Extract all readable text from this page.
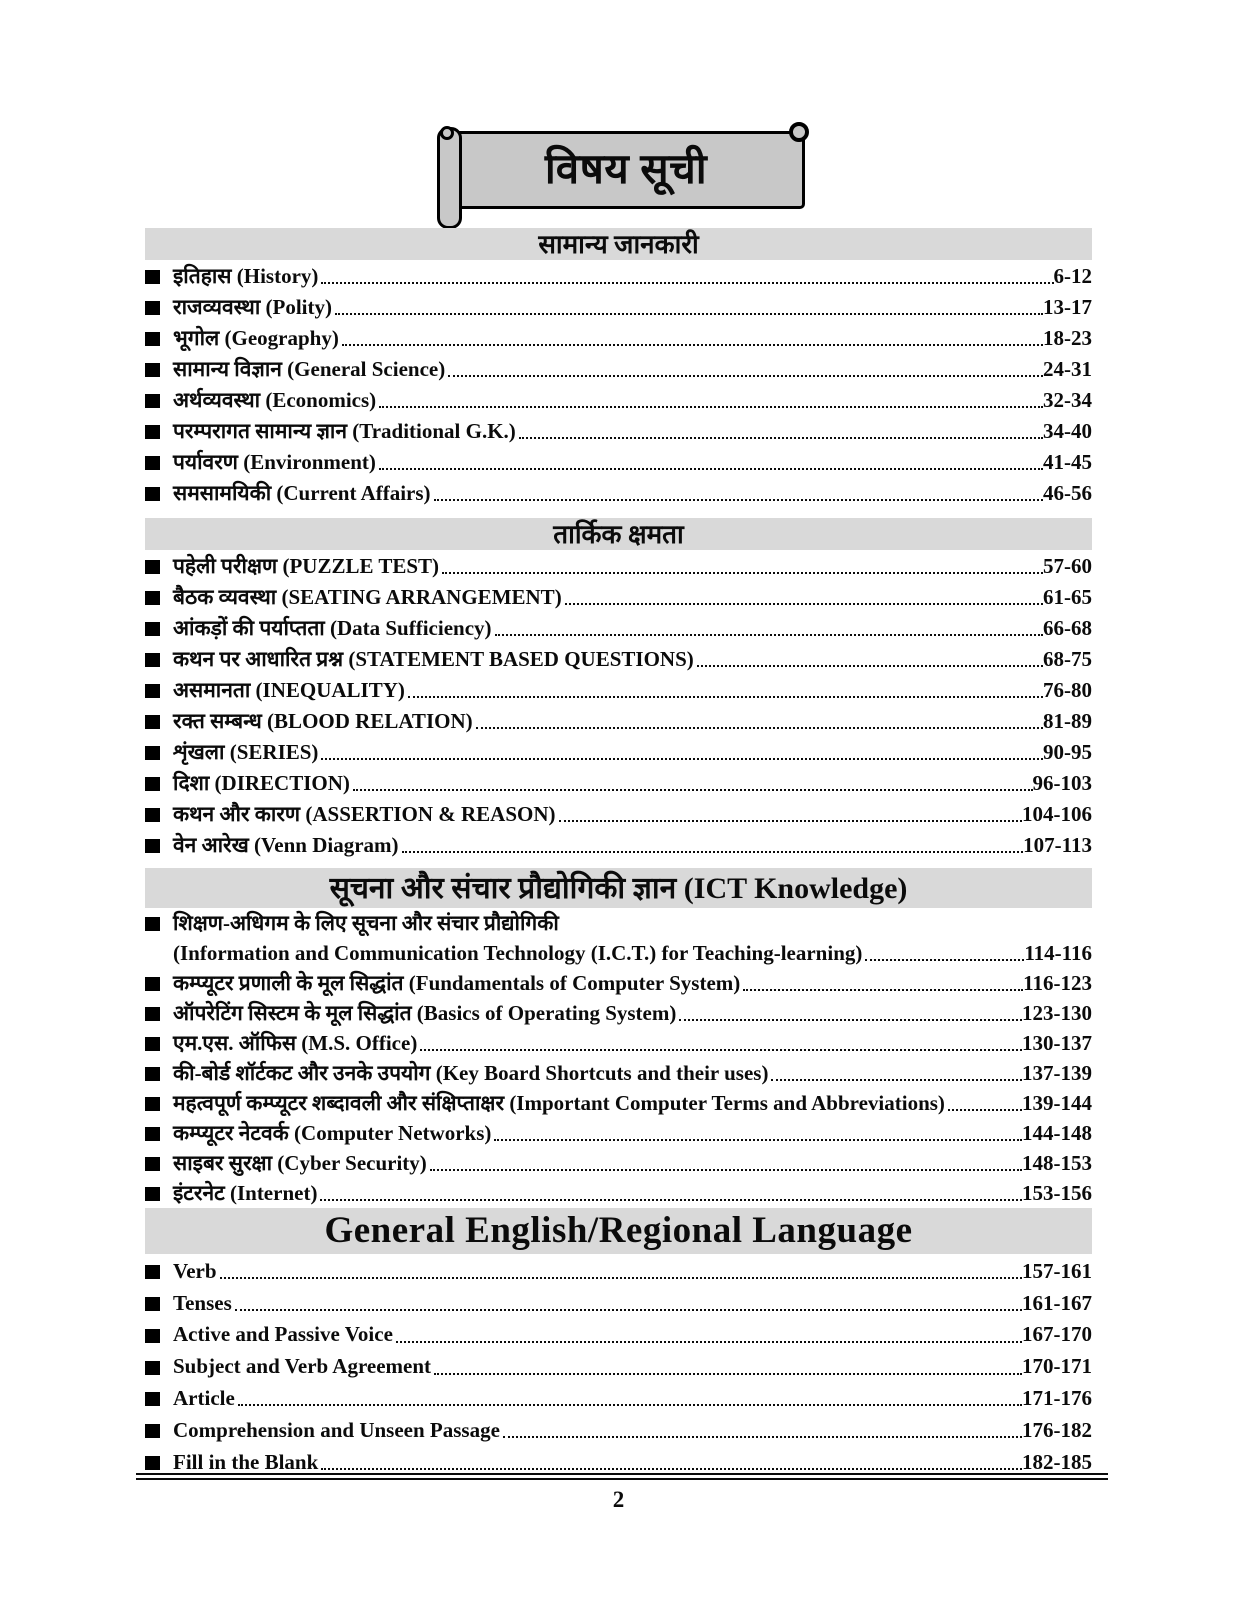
विषय सूची
सामान्य जानकारी
इतिहास (History)	6-12
राजव्यवस्था (Polity)	13-17
भूगोल (Geography)	18-23
सामान्य विज्ञान (General Science)	24-31
अर्थव्यवस्था (Economics)	32-34
परम्परागत सामान्य ज्ञान (Traditional G.K.)	34-40
पर्यावरण (Environment)	41-45
समसामयिकी (Current Affairs)	46-56
तार्किक क्षमता
पहेली परीक्षण (PUZZLE TEST)	57-60
बैठक व्यवस्था (SEATING ARRANGEMENT)	61-65
आंकड़ों की पर्याप्तता (Data Sufficiency)	66-68
कथन पर आधारित प्रश्न (STATEMENT BASED QUESTIONS)	68-75
असमानता (INEQUALITY)	76-80
रक्त सम्बन्ध (BLOOD RELATION)	81-89
शृंखला (SERIES)	90-95
दिशा (DIRECTION)	96-103
कथन और कारण (ASSERTION & REASON)	104-106
वेन आरेख (Venn Diagram)	107-113
सूचना और संचार प्रौद्योगिकी ज्ञान (ICT Knowledge)
शिक्षण-अधिगम के लिए सूचना और संचार प्रौद्योगिकी
(Information and Communication Technology (I.C.T.) for Teaching-learning)	114-116
कम्प्यूटर प्रणाली के मूल सिद्धांत (Fundamentals of Computer System)	116-123
ऑपरेटिंग सिस्टम के मूल सिद्धांत (Basics of Operating System)	123-130
एम.एस. ऑफिस (M.S. Office)	130-137
की-बोर्ड शॉर्टकट और उनके उपयोग (Key Board Shortcuts and their uses)	137-139
महत्वपूर्ण कम्प्यूटर शब्दावली और संक्षिप्ताक्षर (Important Computer Terms and Abbreviations)	139-144
कम्प्यूटर नेटवर्क (Computer Networks)	144-148
साइबर सुरक्षा (Cyber Security)	148-153
इंटरनेट (Internet)	153-156
General English/Regional Language
Verb	157-161
Tenses	161-167
Active and Passive Voice	167-170
Subject and Verb Agreement	170-171
Article	171-176
Comprehension and Unseen Passage	176-182
Fill in the Blank	182-185
2
